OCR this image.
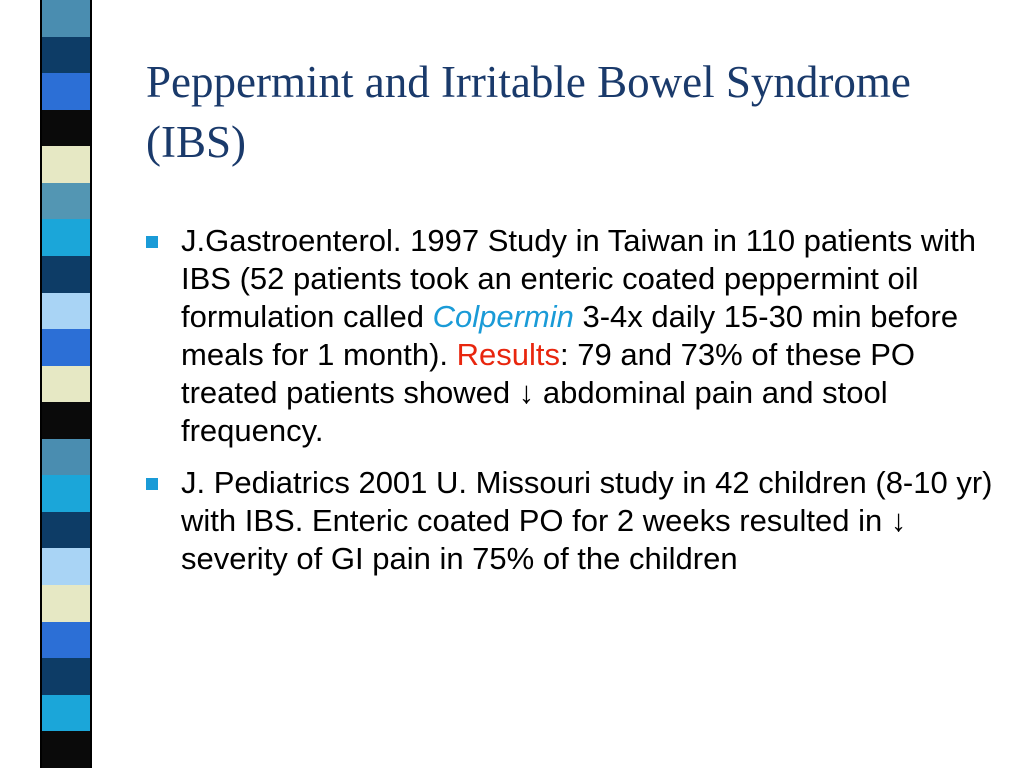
Peppermint and Irritable Bowel Syndrome (IBS)
J.Gastroenterol. 1997 Study in Taiwan in 110 patients with IBS (52 patients took an enteric coated peppermint oil formulation called Colpermin 3-4x daily 15-30 min before meals for 1 month). Results: 79 and 73% of these PO treated patients showed ↓ abdominal pain and stool frequency.
J. Pediatrics 2001 U. Missouri study in 42 children (8-10 yr) with IBS. Enteric coated PO for 2 weeks resulted in ↓ severity of GI pain in 75% of the children
